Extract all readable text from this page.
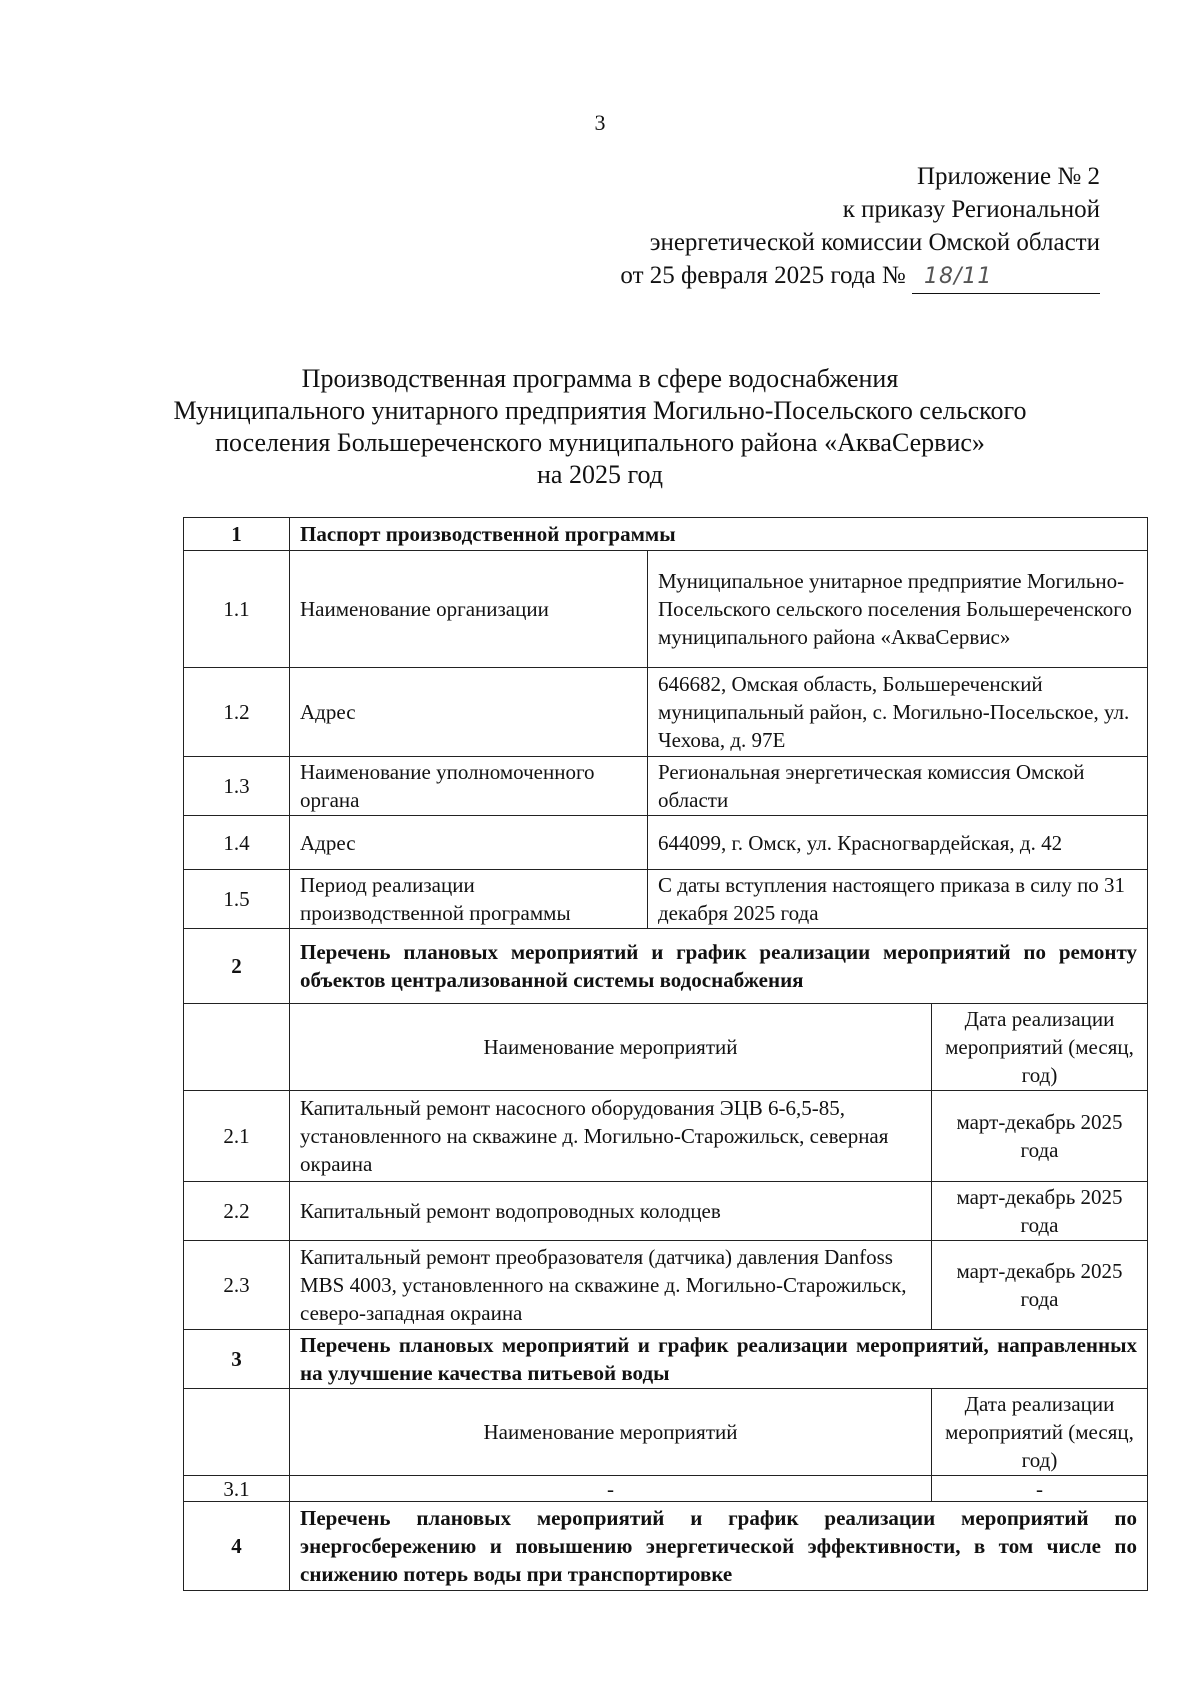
3
Приложение № 2
к приказу Региональной
энергетической комиссии Омской области
от 25 февраля 2025 года № 18/11
Производственная программа в сфере водоснабжения
Муниципального унитарного предприятия Могильно-Посельского сельского
поселения Большереченского муниципального района «АкваСервис»
на 2025 год
1	Паспорт производственной программы		
1.1	Наименование организации	Муниципальное унитарное предприятие Могильно-Посельского сельского поселения Большереченского муниципального района «АкваСервис»	
1.2	Адрес	646682, Омская область, Большереченский муниципальный район, с. Могильно-Посельское, ул. Чехова, д. 97Е	
1.3	Наименование уполномоченного органа	Региональная энергетическая комиссия Омской области	
1.4	Адрес	644099, г. Омск, ул. Красногвардейская, д. 42	
1.5	Период реализации производственной программы	С даты вступления настоящего приказа в силу по 31 декабря 2025 года	
2	Перечень плановых мероприятий и график реализации мероприятий по ремонту объектов централизованной системы водоснабжения		
	Наименование мероприятий		Дата реализации мероприятий (месяц, год)
2.1	Капитальный ремонт насосного оборудования ЭЦВ 6-6,5-85, установленного на скважине д. Могильно-Старожильск, северная окраина		март-декабрь 2025 года
2.2	Капитальный ремонт водопроводных колодцев		март-декабрь 2025 года
2.3	Капитальный ремонт преобразователя (датчика) давления Danfoss MBS 4003, установленного на скважине д. Могильно-Старожильск, северо-западная окраина		март-декабрь 2025 года
3	Перечень плановых мероприятий и график реализации мероприятий, направленных на улучшение качества питьевой воды		
	Наименование мероприятий		Дата реализации мероприятий (месяц, год)
3.1	-		-
4	Перечень плановых мероприятий и график реализации мероприятий по энергосбережению и повышению энергетической эффективности, в том числе по снижению потерь воды при транспортировке		
